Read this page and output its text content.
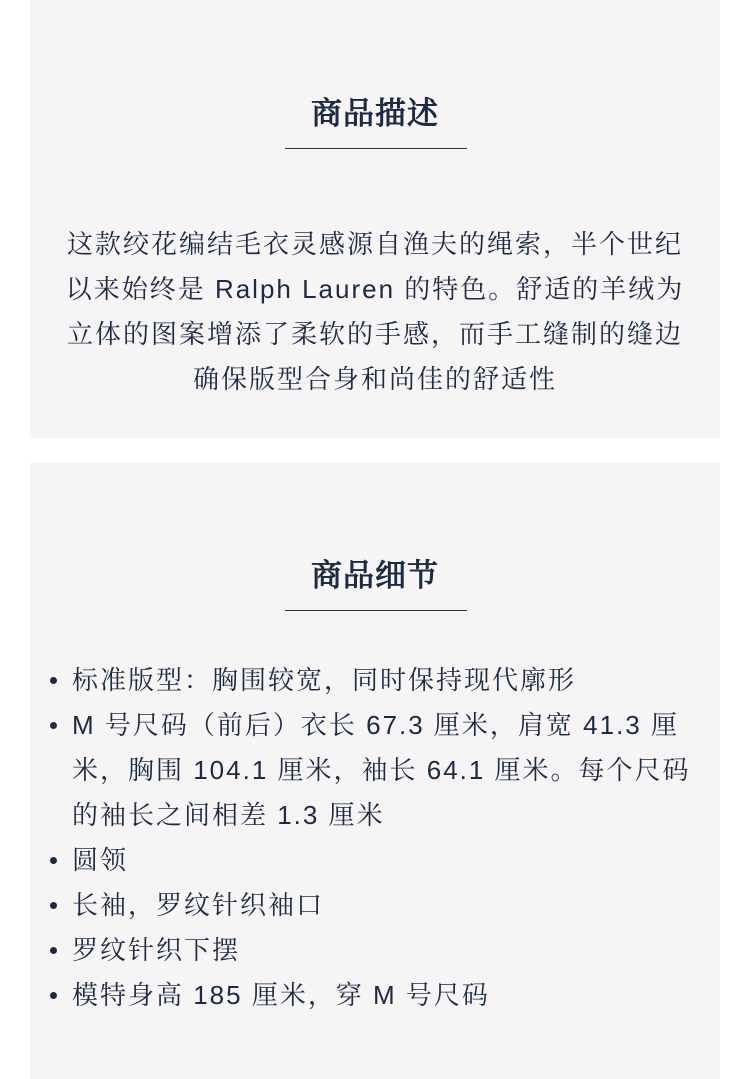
商品描述

这款绞花编结毛衣灵感源自渔夫的绳索，半个世纪以来始终是 Ralph Lauren 的特色。舒适的羊绒为立体的图案增添了柔软的手感，而手工缝制的缝边确保版型合身和尚佳的舒适性

商品细节
标准版型：胸围较宽，同时保持现代廓形
M 号尺码（前后）衣长 67.3 厘米，肩宽 41.3 厘米，胸围 104.1 厘米，袖长 64.1 厘米。每个尺码的袖长之间相差 1.3 厘米
圆领
长袖，罗纹针织袖口
罗纹针织下摆
模特身高 185 厘米，穿 M 号尺码
